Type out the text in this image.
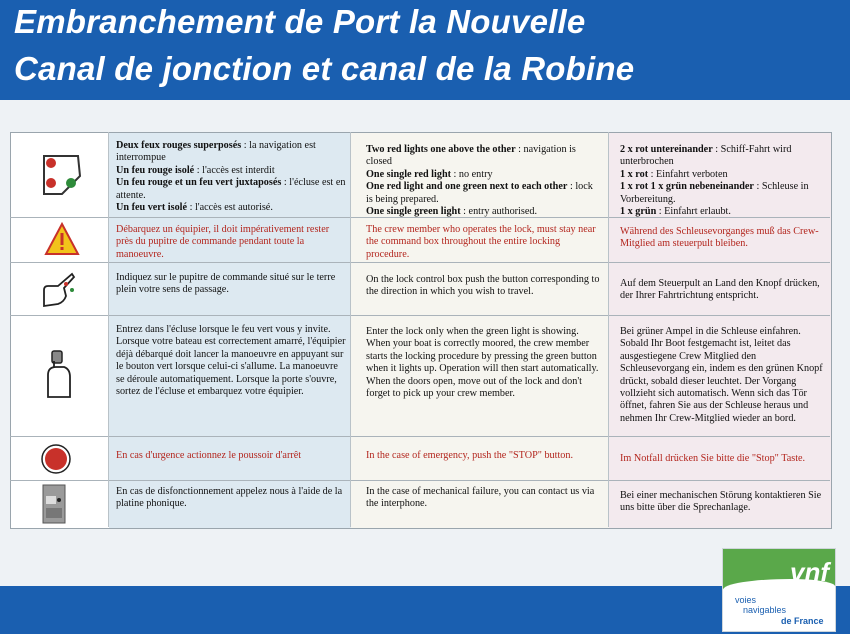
Embranchement de Port la Nouvelle
Canal de jonction et canal de la Robine
Deux feux rouges superposés : la navigation est interrompue
Un feu rouge isolé : l'accès est interdit
Un feu rouge et un feu vert juxtaposés : l'écluse est en attente.
Un feu vert isolé : l'accès est autorisé.
Two red lights one above the other : navigation is closed
One single red light : no entry
One red light and one green next to each other : lock is being prepared.
One single green light : entry authorised.
2 x rot untereinander : Schiff-Fahrt wird unterbrochen
1 x rot : Einfahrt verboten
1 x rot 1 x grün nebeneinander : Schleuse in Vorbereitung.
1 x grün : Einfahrt erlaubt.
Débarquez un équipier, il doit impérativement rester près du pupitre de commande pendant toute la manoeuvre.
The crew member who operates the lock, must stay near the command box throughout the entire locking procedure.
Während des Schleusevorganges muß das Crew-Mitglied am steuerpult bleiben.
Indiquez sur le pupitre de commande situé sur le terre plein votre sens de passage.
On the lock control box push the button corresponding to the direction in which you wish to travel.
Auf dem Steuerpult an Land den Knopf drücken, der Ihrer Fahrtrichtung entspricht.
Entrez dans l'écluse lorsque le feu vert vous y invite. Lorsque votre bateau est correctement amarré, l'équipier déjà débarqué doit lancer la manoeuvre en appuyant sur le bouton vert lorsque celui-ci s'allume. La manoeuvre se déroule automatiquement. Lorsque la porte s'ouvre, sortez de l'écluse et embarquez votre équipier.
Enter the lock only when the green light is showing. When your boat is correctly moored, the crew member starts the locking procedure by pressing the green button when it lights up. Operation will then start automatically. When the doors open, move out of the lock and don't forget to pick up your crew member.
Bei grüner Ampel in die Schleuse einfahren. Sobald Ihr Boot festgemacht ist, leitet das ausgestiegene Crew Mitglied den Schleusevorgang ein, indem es den grünen Knopf drückt, sobald dieser leuchtet. Der Vorgang vollzieht sich automatisch. Wenn sich das Tör öffnet, fahren Sie aus der Schleuse heraus und nehmen Ihr Crew-Mitglied wieder an bord.
En cas d'urgence actionnez le poussoir d'arrêt	In the case of emergency, push the "STOP" button.	Im Notfall drücken Sie bitte die "Stop" Taste.
En cas de disfonctionnement appelez nous à l'aide de la platine phonique.
In the case of mechanical failure, you can contact us via the interphone.
Bei einer mechanischen Störung kontaktieren Sie uns bitte über die Sprechanlage.
vnf
voies
navigables
de France
